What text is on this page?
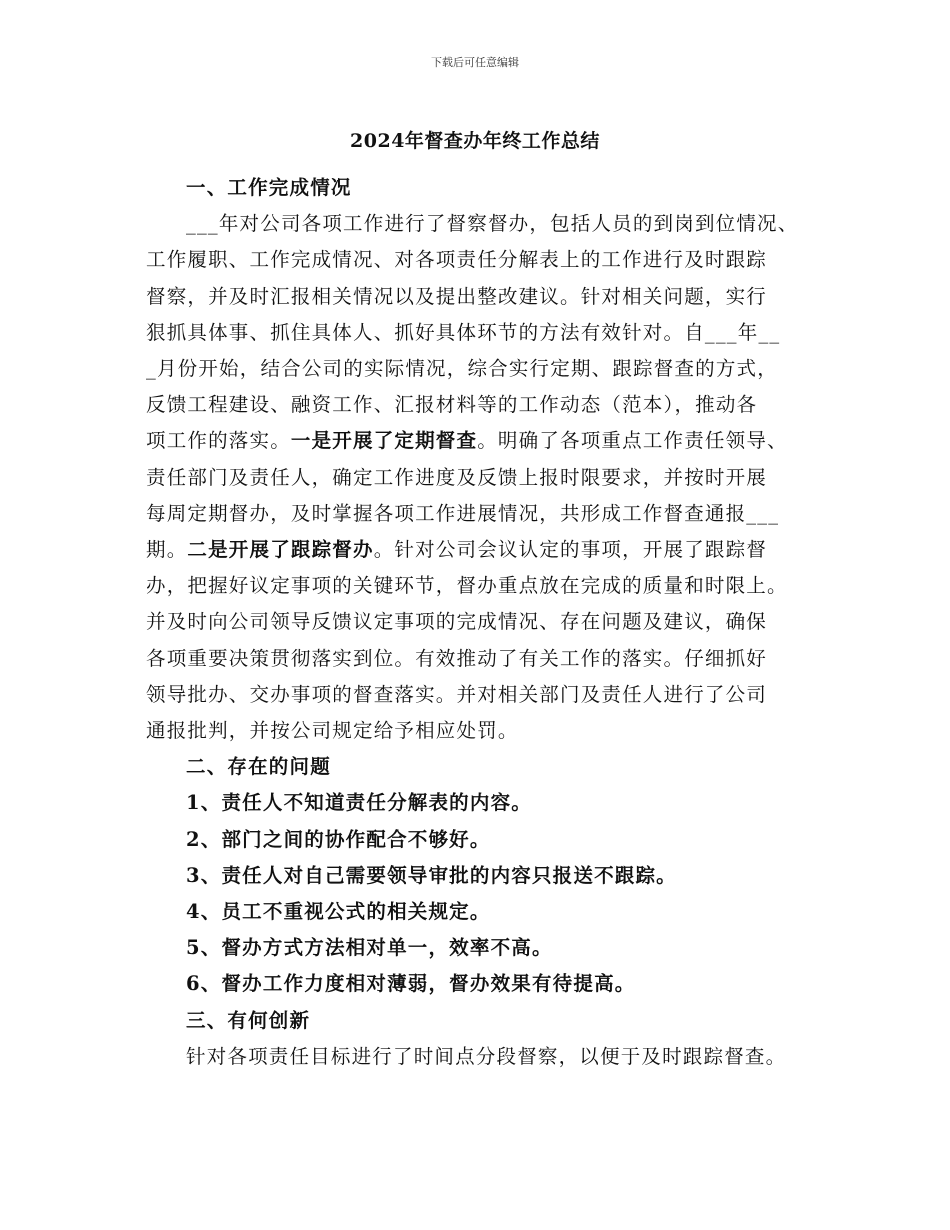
下载后可任意编辑
2024年督查办年终工作总结

一、工作完成情况

___年对公司各项工作进行了督察督办，包括人员的到岗到位情况、
工作履职、工作完成情况、对各项责任分解表上的工作进行及时跟踪
督察，并及时汇报相关情况以及提出整改建议。针对相关问题，实行
狠抓具体事、抓住具体人、抓好具体环节的方法有效针对。自___年__
_月份开始，结合公司的实际情况，综合实行定期、跟踪督查的方式，
反馈工程建设、融资工作、汇报材料等的工作动态（范本），推动各
项工作的落实。一是开展了定期督查。明确了各项重点工作责任领导、
责任部门及责任人，确定工作进度及反馈上报时限要求，并按时开展
每周定期督办，及时掌握各项工作进展情况，共形成工作督查通报___
期。二是开展了跟踪督办。针对公司会议认定的事项，开展了跟踪督
办，把握好议定事项的关键环节，督办重点放在完成的质量和时限上。
并及时向公司领导反馈议定事项的完成情况、存在问题及建议，确保
各项重要决策贯彻落实到位。有效推动了有关工作的落实。仔细抓好
领导批办、交办事项的督查落实。并对相关部门及责任人进行了公司
通报批判，并按公司规定给予相应处罚。

二、存在的问题

1、责任人不知道责任分解表的内容。

2、部门之间的协作配合不够好。

3、责任人对自己需要领导审批的内容只报送不跟踪。

4、员工不重视公式的相关规定。

5、督办方式方法相对单一，效率不高。

6、督办工作力度相对薄弱，督办效果有待提高。

三、有何创新

针对各项责任目标进行了时间点分段督察，以便于及时跟踪督查。
